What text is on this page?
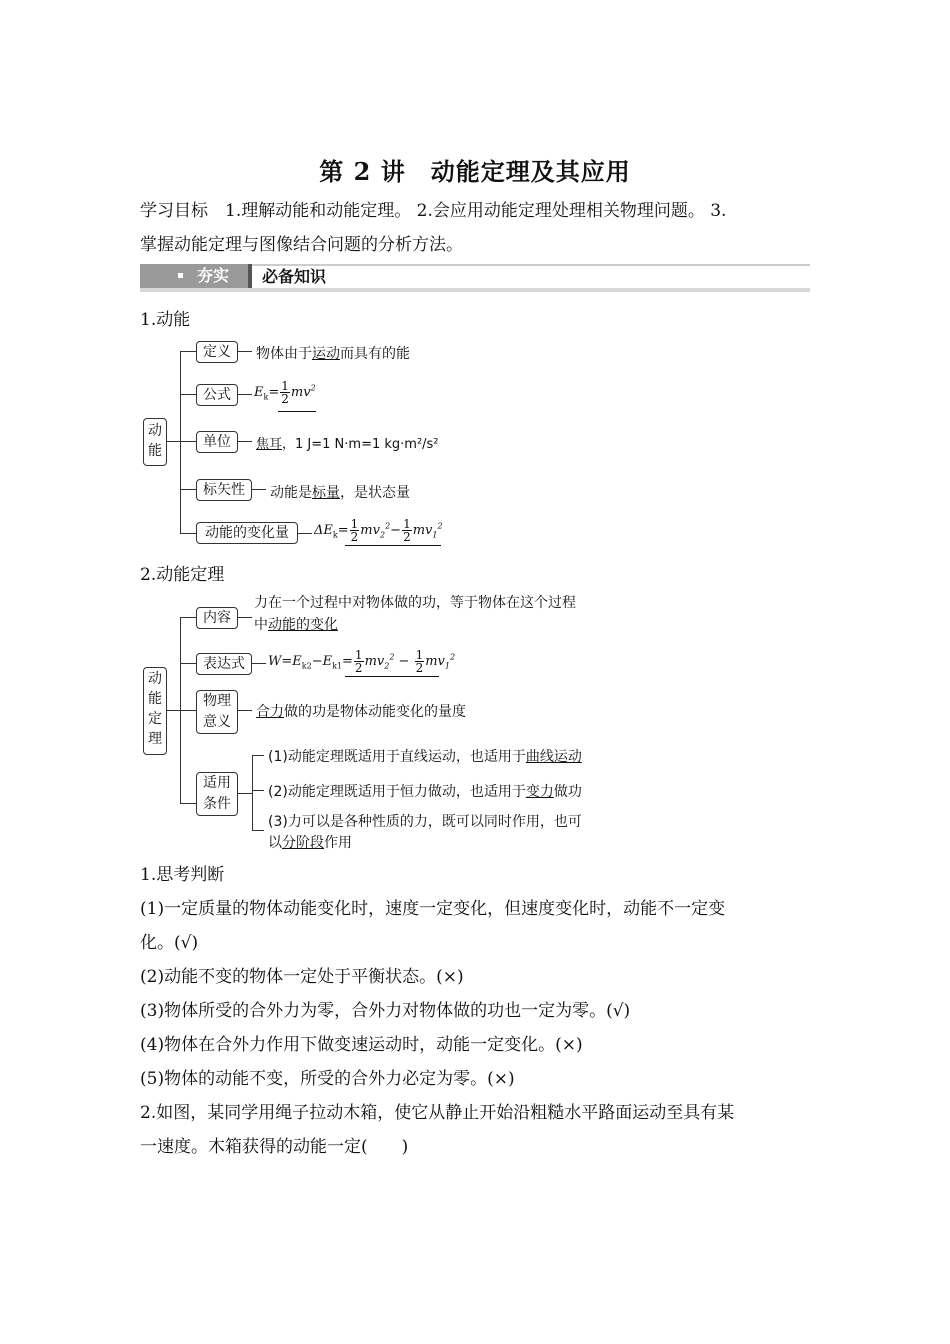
第 2 讲　动能定理及其应用
学习目标　1.理解动能和动能定理。 2.会应用动能定理处理相关物理问题。 3.
掌握动能定理与图像结合问题的分析方法。
夯实	必备知识
1.动能
动能
定义	物体由于运动而具有的能
公式	$E_k= \frac{1}{2} mv^2$
单位	焦耳，1 J=1 N·m=1 kg·m²/s²
标矢性	动能是标量，是状态量
动能的变化量	$\Delta E_k= \frac{1}{2} mv_2^2- \frac{1}{2} mv_1^2$
2.动能定理
动能定理
内容
力在一个过程中对物体做的功，等于物体在这个过程
中动能的变化
表达式	$W=E_{k2}-E_{k1}= \frac{1}{2} mv_2^2 - \frac{1}{2} mv_1^2$
物理意义
合力做的功是物体动能变化的量度
适用条件
(1)动能定理既适用于直线运动，也适用于曲线运动
(2)动能定理既适用于恒力做动，也适用于变力做功
(3)力可以是各种性质的力，既可以同时作用，也可
以分阶段作用
1.思考判断
(1)一定质量的物体动能变化时，速度一定变化，但速度变化时，动能不一定变
化。(√)
(2)动能不变的物体一定处于平衡状态。(×)
(3)物体所受的合外力为零，合外力对物体做的功也一定为零。(√)
(4)物体在合外力作用下做变速运动时，动能一定变化。(×)
(5)物体的动能不变，所受的合外力必定为零。(×)
2.如图，某同学用绳子拉动木箱，使它从静止开始沿粗糙水平路面运动至具有某
一速度。木箱获得的动能一定(　　)
